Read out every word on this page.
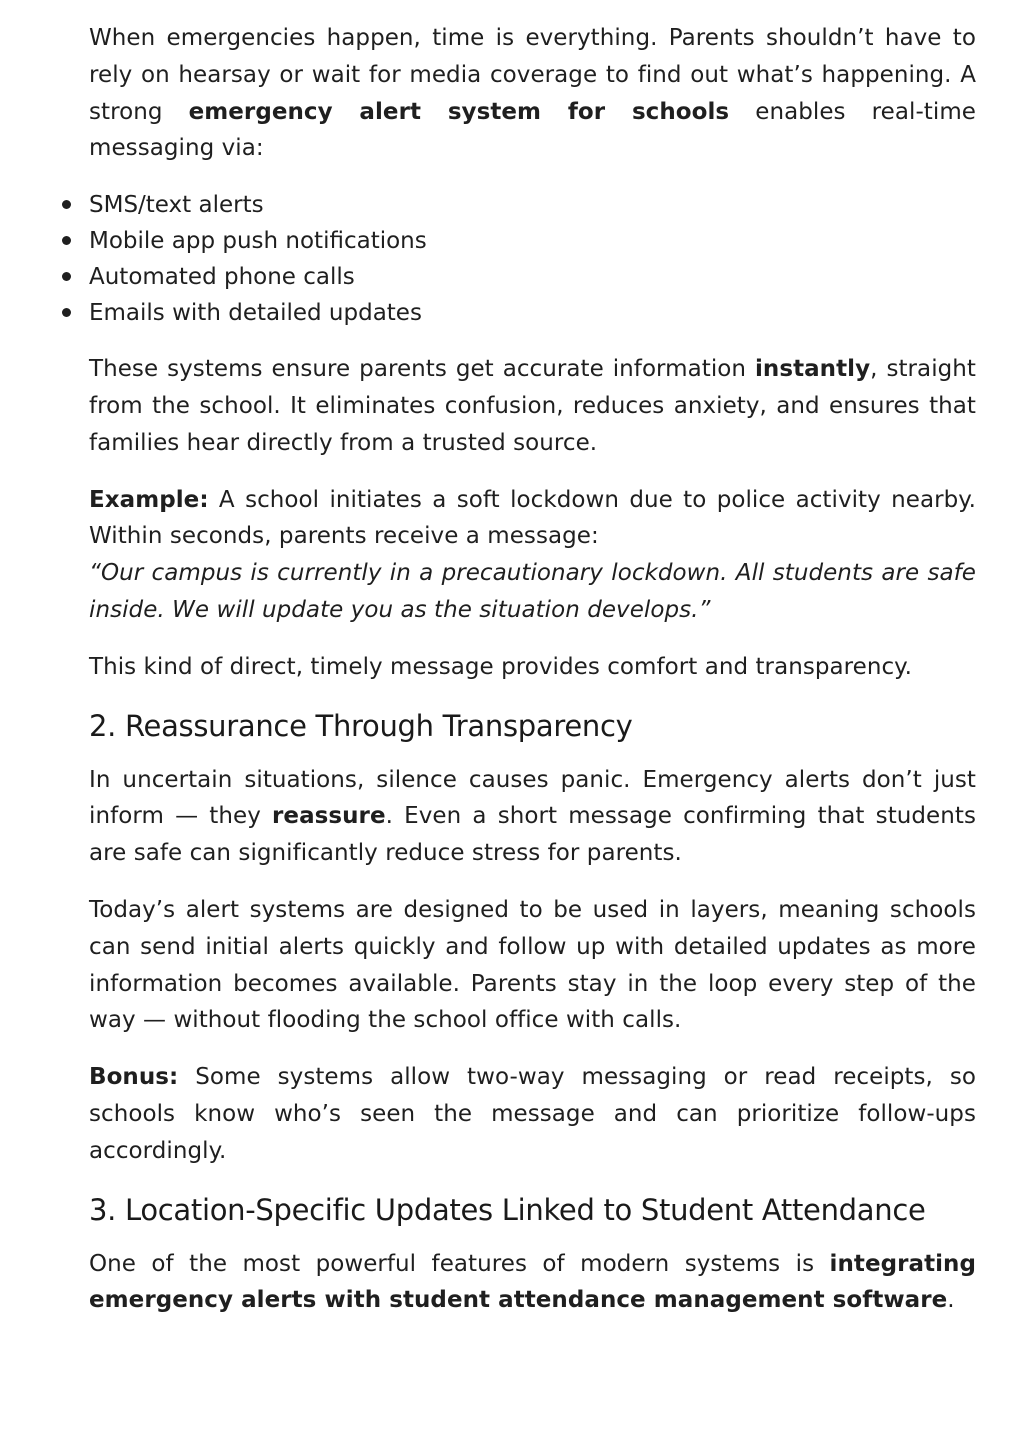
When emergencies happen, time is everything. Parents shouldn’t have to rely on hearsay or wait for media coverage to find out what’s happening. A strong emergency alert system for schools enables real-time messaging via:

SMS/text alerts
Mobile app push notifications
Automated phone calls
Emails with detailed updates

These systems ensure parents get accurate information instantly, straight from the school. It eliminates confusion, reduces anxiety, and ensures that families hear directly from a trusted source.

Example: A school initiates a soft lockdown due to police activity nearby. Within seconds, parents receive a message:

“Our campus is currently in a precautionary lockdown. All students are safe inside. We will update you as the situation develops.”

This kind of direct, timely message provides comfort and transparency.

2. Reassurance Through Transparency

In uncertain situations, silence causes panic. Emergency alerts don’t just inform — they reassure. Even a short message confirming that students are safe can significantly reduce stress for parents.

Today’s alert systems are designed to be used in layers, meaning schools can send initial alerts quickly and follow up with detailed updates as more information becomes available. Parents stay in the loop every step of the way — without flooding the school office with calls.

Bonus: Some systems allow two-way messaging or read receipts, so schools know who’s seen the message and can prioritize follow-ups accordingly.

3. Location-Specific Updates Linked to Student Attendance

One of the most powerful features of modern systems is integrating emergency alerts with student attendance management software.
